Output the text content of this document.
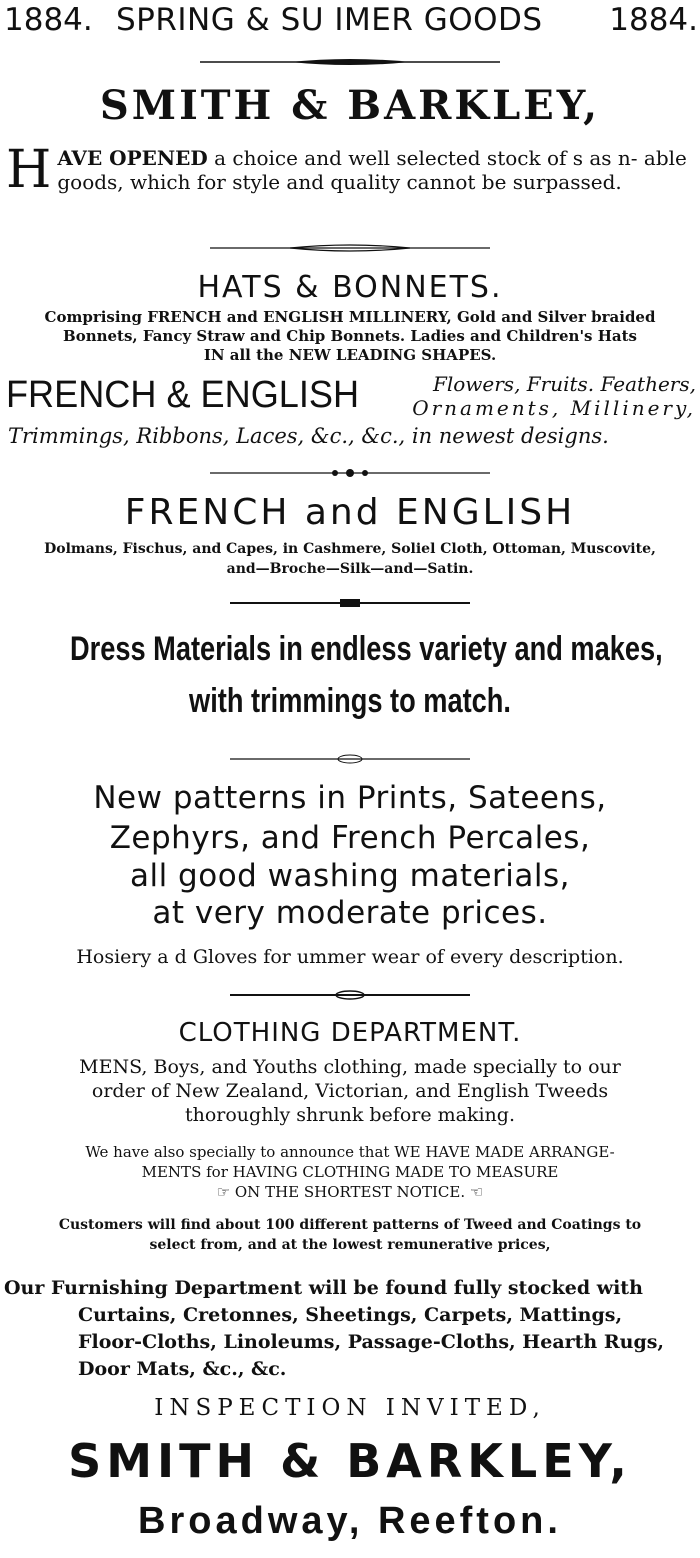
1884. SPRING & SU IMER GOODS 1884.
SMITH & BARKLEY,
H AVE OPENED a choice and well selected stock of s as n- able goods, which for style and quality cannot be surpassed.
HATS & BONNETS.
Comprising FRENCH and ENGLISH MILLINERY, Gold and Silver braided
Bonnets, Fancy Straw and Chip Bonnets. Ladies and Children's Hats
IN all the NEW LEADING SHAPES.
FRENCH & ENGLISH	Flowers, Fruits. Feathers,
Ornaments, Millinery,
Trimmings, Ribbons, Laces, &c., &c., in newest designs.
FRENCH and ENGLISH
Dolmans, Fischus, and Capes, in Cashmere, Soliel Cloth, Ottoman, Muscovite,
and—Broche—Silk—and—Satin.
Dress Materials in endless variety and makes,
with trimmings to match.
New patterns in Prints, Sateens,
Zephyrs, and French Percales,
all good washing materials,
at very moderate prices.
Hosiery a d Gloves for ummer wear of every description.
CLOTHING DEPARTMENT.
MENS, Boys, and Youths clothing, made specially to our
order of New Zealand, Victorian, and English Tweeds
thoroughly shrunk before making.
We have also specially to announce that WE HAVE MADE ARRANGE-
MENTS for HAVING CLOTHING MADE TO MEASURE
☞ ON THE SHORTEST NOTICE. ☜
Customers will find about 100 different patterns of Tweed and Coatings to
select from, and at the lowest remunerative prices,
Our Furnishing Department will be found fully stocked with
Curtains, Cretonnes, Sheetings, Carpets, Mattings,
Floor-Cloths, Linoleums, Passage-Cloths, Hearth Rugs,
Door Mats, &c., &c.
INSPECTION INVITED,
SMITH & BARKLEY,
Broadway, Reefton.
